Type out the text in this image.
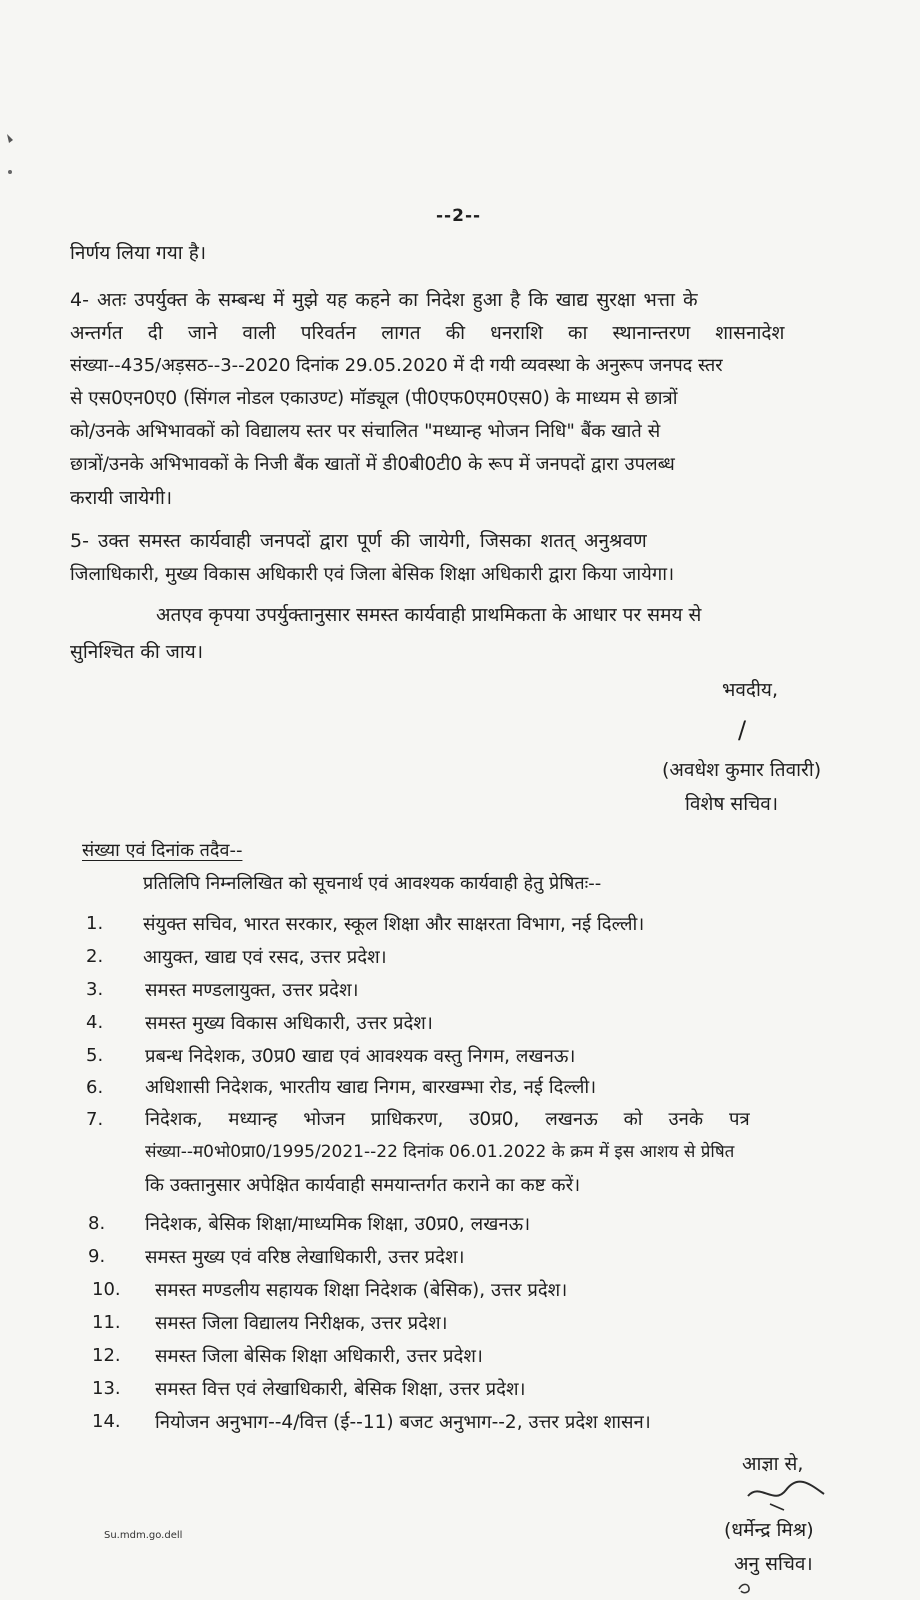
--2--
निर्णय लिया गया है।
4- अतः उपर्युक्त के सम्बन्ध में मुझे यह कहने का निदेश हुआ है कि खाद्य सुरक्षा भत्ता के
अन्तर्गत दी जाने वाली परिवर्तन लागत की धनराशि का स्थानान्तरण शासनादेश
संख्या--435/अड़सठ--3--2020 दिनांक 29.05.2020 में दी गयी व्यवस्था के अनुरूप जनपद स्तर
से एस0एन0ए0 (सिंगल नोडल एकाउण्ट) मॉड्यूल (पी0एफ0एम0एस0) के माध्यम से छात्रों
को/उनके अभिभावकों को विद्यालय स्तर पर संचालित "मध्यान्ह भोजन निधि" बैंक खाते से
छात्रों/उनके अभिभावकों के निजी बैंक खातों में डी0बी0टी0 के रूप में जनपदों द्वारा उपलब्ध
करायी जायेगी।
5- उक्त समस्त कार्यवाही जनपदों द्वारा पूर्ण की जायेगी, जिसका शतत् अनुश्रवण
जिलाधिकारी, मुख्य विकास अधिकारी एवं जिला बेसिक शिक्षा अधिकारी द्वारा किया जायेगा।
अतएव कृपया उपर्युक्तानुसार समस्त कार्यवाही प्राथमिकता के आधार पर समय से
सुनिश्चित की जाय।
भवदीय,
/
(अवधेश कुमार तिवारी)
विशेष सचिव।
संख्या एवं दिनांक तदैव--
प्रतिलिपि निम्नलिखित को सूचनार्थ एवं आवश्यक कार्यवाही हेतु प्रेषितः--
1. संयुक्त सचिव, भारत सरकार, स्कूल शिक्षा और साक्षरता विभाग, नई दिल्ली।
2. आयुक्त, खाद्य एवं रसद, उत्तर प्रदेश।
3. समस्त मण्डलायुक्त, उत्तर प्रदेश।
4. समस्त मुख्य विकास अधिकारी, उत्तर प्रदेश।
5. प्रबन्ध निदेशक, उ0प्र0 खाद्य एवं आवश्यक वस्तु निगम, लखनऊ।
6. अधिशासी निदेशक, भारतीय खाद्य निगम, बारखम्भा रोड, नई दिल्ली।
7. निदेशक, मध्यान्ह भोजन प्राधिकरण, उ0प्र0, लखनऊ को उनके पत्र
संख्या--म0भो0प्रा0/1995/2021--22 दिनांक 06.01.2022 के क्रम में इस आशय से प्रेषित
कि उक्तानुसार अपेक्षित कार्यवाही समयान्तर्गत कराने का कष्ट करें।
8. निदेशक, बेसिक शिक्षा/माध्यमिक शिक्षा, उ0प्र0, लखनऊ।
9. समस्त मुख्य एवं वरिष्ठ लेखाधिकारी, उत्तर प्रदेश।
10. समस्त मण्डलीय सहायक शिक्षा निदेशक (बेसिक), उत्तर प्रदेश।
11. समस्त जिला विद्यालय निरीक्षक, उत्तर प्रदेश।
12. समस्त जिला बेसिक शिक्षा अधिकारी, उत्तर प्रदेश।
13. समस्त वित्त एवं लेखाधिकारी, बेसिक शिक्षा, उत्तर प्रदेश।
14. नियोजन अनुभाग--4/वित्त (ई--11) बजट अनुभाग--2, उत्तर प्रदेश शासन।
आज्ञा से,
(धर्मेन्द्र मिश्र)
अनु सचिव।
Su.mdm.go.dell
